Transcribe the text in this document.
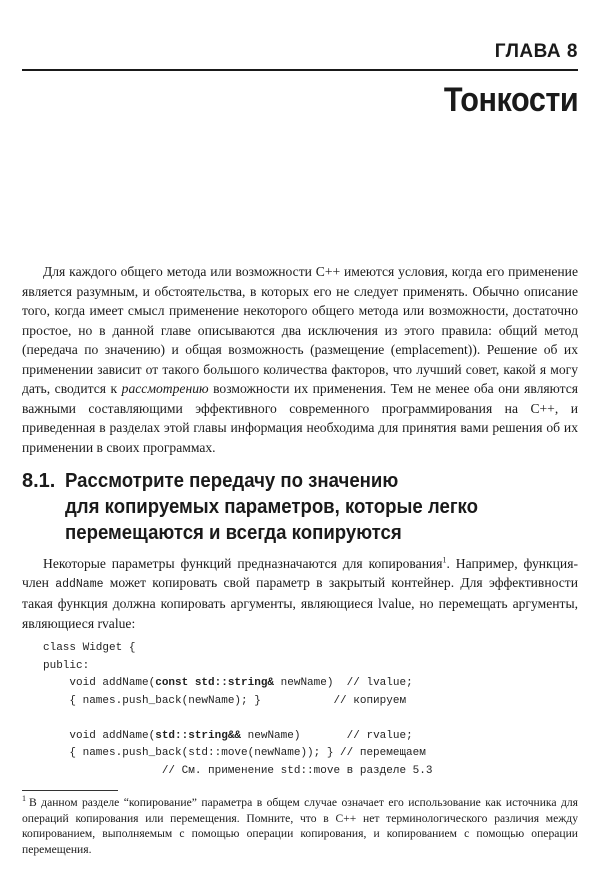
ГЛАВА 8
Тонкости

Для каждого общего метода или возможности C++ имеются условия, когда его применение является разумным, и обстоятельства, в которых его не следует применять. Обычно описание того, когда имеет смысл применение некоторого общего метода или возможности, достаточно простое, но в данной главе описываются два исключения из этого правила: общий метод (передача по значению) и общая возможность (размещение (emplacement)). Решение об их применении зависит от такого большого количества факторов, что лучший совет, какой я могу дать, сводится к рассмотрению возможности их применения. Тем не менее оба они являются важными составляющими эффективного современного программирования на C++, и приведенная в разделах этой главы информация необходима для принятия вами решения об их применении в своих программах.

8.1. Рассмотрите передачу по значению
для копируемых параметров, которые легко
перемещаются и всегда копируются

Некоторые параметры функций предназначаются для копирования$^1$. Например, функция-член addName может копировать свой параметр в закрытый контейнер. Для эффективности такая функция должна копировать аргументы, являющиеся lvalue, но перемещать аргументы, являющиеся rvalue:

class Widget {
public:
void addName(const std::string& newName)  // lvalue;
{ names.push_back(newName); }           // копируем
void addName(std::string&& newName)       // rvalue;
{ names.push_back(std::move(newName)); } // перемещаем
// См. применение std::move в разделе 5.3
$^1$ В данном разделе “копирование” параметра в общем случае означает его использование как источника для операций копирования или перемещения. Помните, что в C++ нет терминологического различия между копированием, выполняемым с помощью операции копирования, и копированием с помощью операции перемещения.
